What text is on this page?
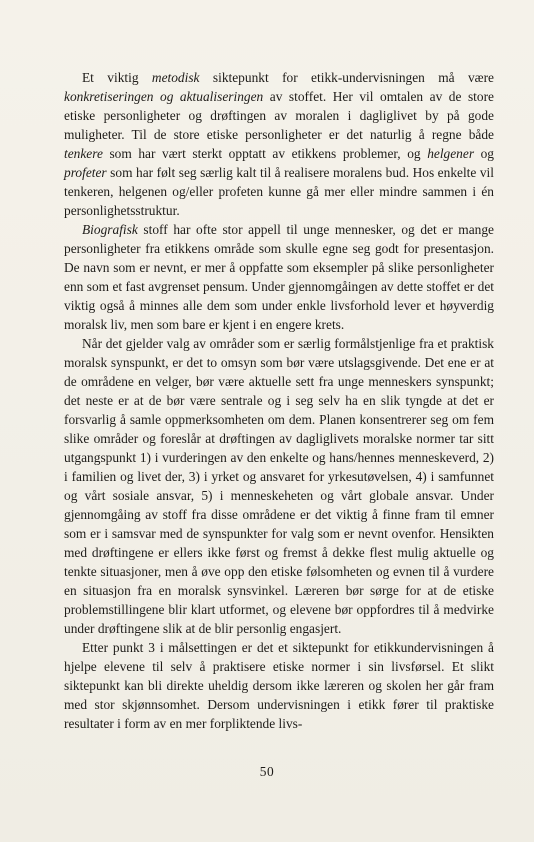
Et viktig metodisk siktepunkt for etikk-undervisningen må være konkretiseringen og aktualiseringen av stoffet. Her vil omtalen av de store etiske personligheter og drøftingen av moralen i dagliglivet by på gode muligheter. Til de store etiske personligheter er det naturlig å regne både tenkere som har vært sterkt opptatt av etikkens problemer, og helgener og profeter som har følt seg særlig kalt til å realisere moralens bud. Hos enkelte vil tenkeren, helgenen og/eller profeten kunne gå mer eller mindre sammen i én personlighetsstruktur.

Biografisk stoff har ofte stor appell til unge mennesker, og det er mange personligheter fra etikkens område som skulle egne seg godt for presentasjon. De navn som er nevnt, er mer å oppfatte som eksempler på slike personligheter enn som et fast avgrenset pensum. Under gjennomgåingen av dette stoffet er det viktig også å minnes alle dem som under enkle livsforhold lever et høyverdig moralsk liv, men som bare er kjent i en engere krets.

Når det gjelder valg av områder som er særlig formålstjenlige fra et praktisk moralsk synspunkt, er det to omsyn som bør være utslagsgivende. Det ene er at de områdene en velger, bør være aktuelle sett fra unge menneskers synspunkt; det neste er at de bør være sentrale og i seg selv ha en slik tyngde at det er forsvarlig å samle oppmerksomheten om dem. Planen konsentrerer seg om fem slike områder og foreslår at drøftingen av dagliglivets moralske normer tar sitt utgangspunkt 1) i vurderingen av den enkelte og hans/hennes menneskeverd, 2) i familien og livet der, 3) i yrket og ansvaret for yrkesutøvelsen, 4) i samfunnet og vårt sosiale ansvar, 5) i menneskeheten og vårt globale ansvar. Under gjennomgåing av stoff fra disse områdene er det viktig å finne fram til emner som er i samsvar med de synspunkter for valg som er nevnt ovenfor. Hensikten med drøftingene er ellers ikke først og fremst å dekke flest mulig aktuelle og tenkte situasjoner, men å øve opp den etiske følsomheten og evnen til å vurdere en situasjon fra en moralsk synsvinkel. Læreren bør sørge for at de etiske problemstillingene blir klart utformet, og elevene bør oppfordres til å medvirke under drøftingene slik at de blir personlig engasjert.

Etter punkt 3 i målsettingen er det et siktepunkt for etikkundervisningen å hjelpe elevene til selv å praktisere etiske normer i sin livsførsel. Et slikt siktepunkt kan bli direkte uheldig dersom ikke læreren og skolen her går fram med stor skjønnsomhet. Dersom undervisningen i etikk fører til praktiske resultater i form av en mer forpliktende livs-

50
